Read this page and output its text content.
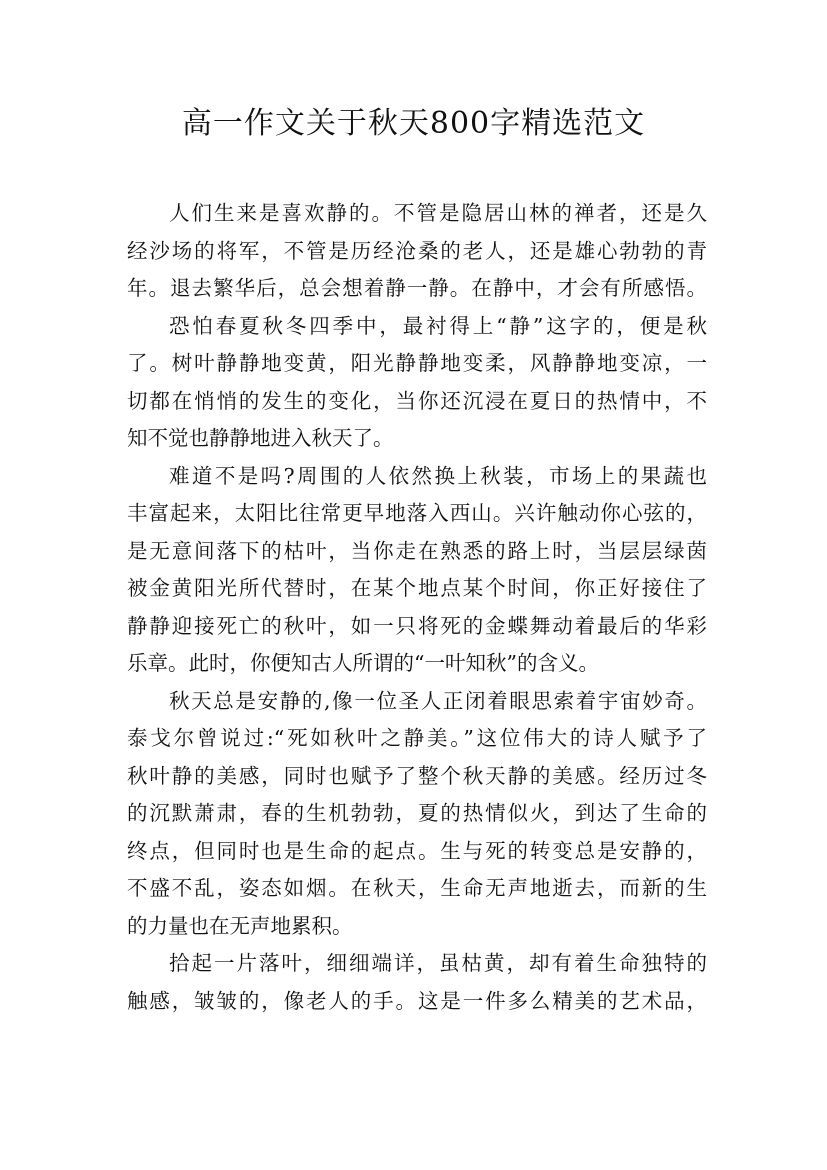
高一作文关于秋天800字精选范文
人们生来是喜欢静的。不管是隐居山林的禅者，还是久
经沙场的将军，不管是历经沧桑的老人，还是雄心勃勃的青
年。退去繁华后，总会想着静一静。在静中，才会有所感悟。
恐怕春夏秋冬四季中，最衬得上“静”这字的，便是秋
了。树叶静静地变黄，阳光静静地变柔，风静静地变凉，一
切都在悄悄的发生的变化，当你还沉浸在夏日的热情中，不
知不觉也静静地进入秋天了。
难道不是吗?周围的人依然换上秋装，市场上的果蔬也
丰富起来，太阳比往常更早地落入西山。兴许触动你心弦的，
是无意间落下的枯叶，当你走在熟悉的路上时，当层层绿茵
被金黄阳光所代替时，在某个地点某个时间，你正好接住了
静静迎接死亡的秋叶，如一只将死的金蝶舞动着最后的华彩
乐章。此时，你便知古人所谓的“一叶知秋”的含义。
秋天总是安静的,像一位圣人正闭着眼思索着宇宙妙奇。
泰戈尔曾说过:“死如秋叶之静美。”这位伟大的诗人赋予了
秋叶静的美感，同时也赋予了整个秋天静的美感。经历过冬
的沉默萧肃，春的生机勃勃，夏的热情似火，到达了生命的
终点，但同时也是生命的起点。生与死的转变总是安静的，
不盛不乱，姿态如烟。在秋天，生命无声地逝去，而新的生
的力量也在无声地累积。
拾起一片落叶，细细端详，虽枯黄，却有着生命独特的
触感，皱皱的，像老人的手。这是一件多么精美的艺术品，
